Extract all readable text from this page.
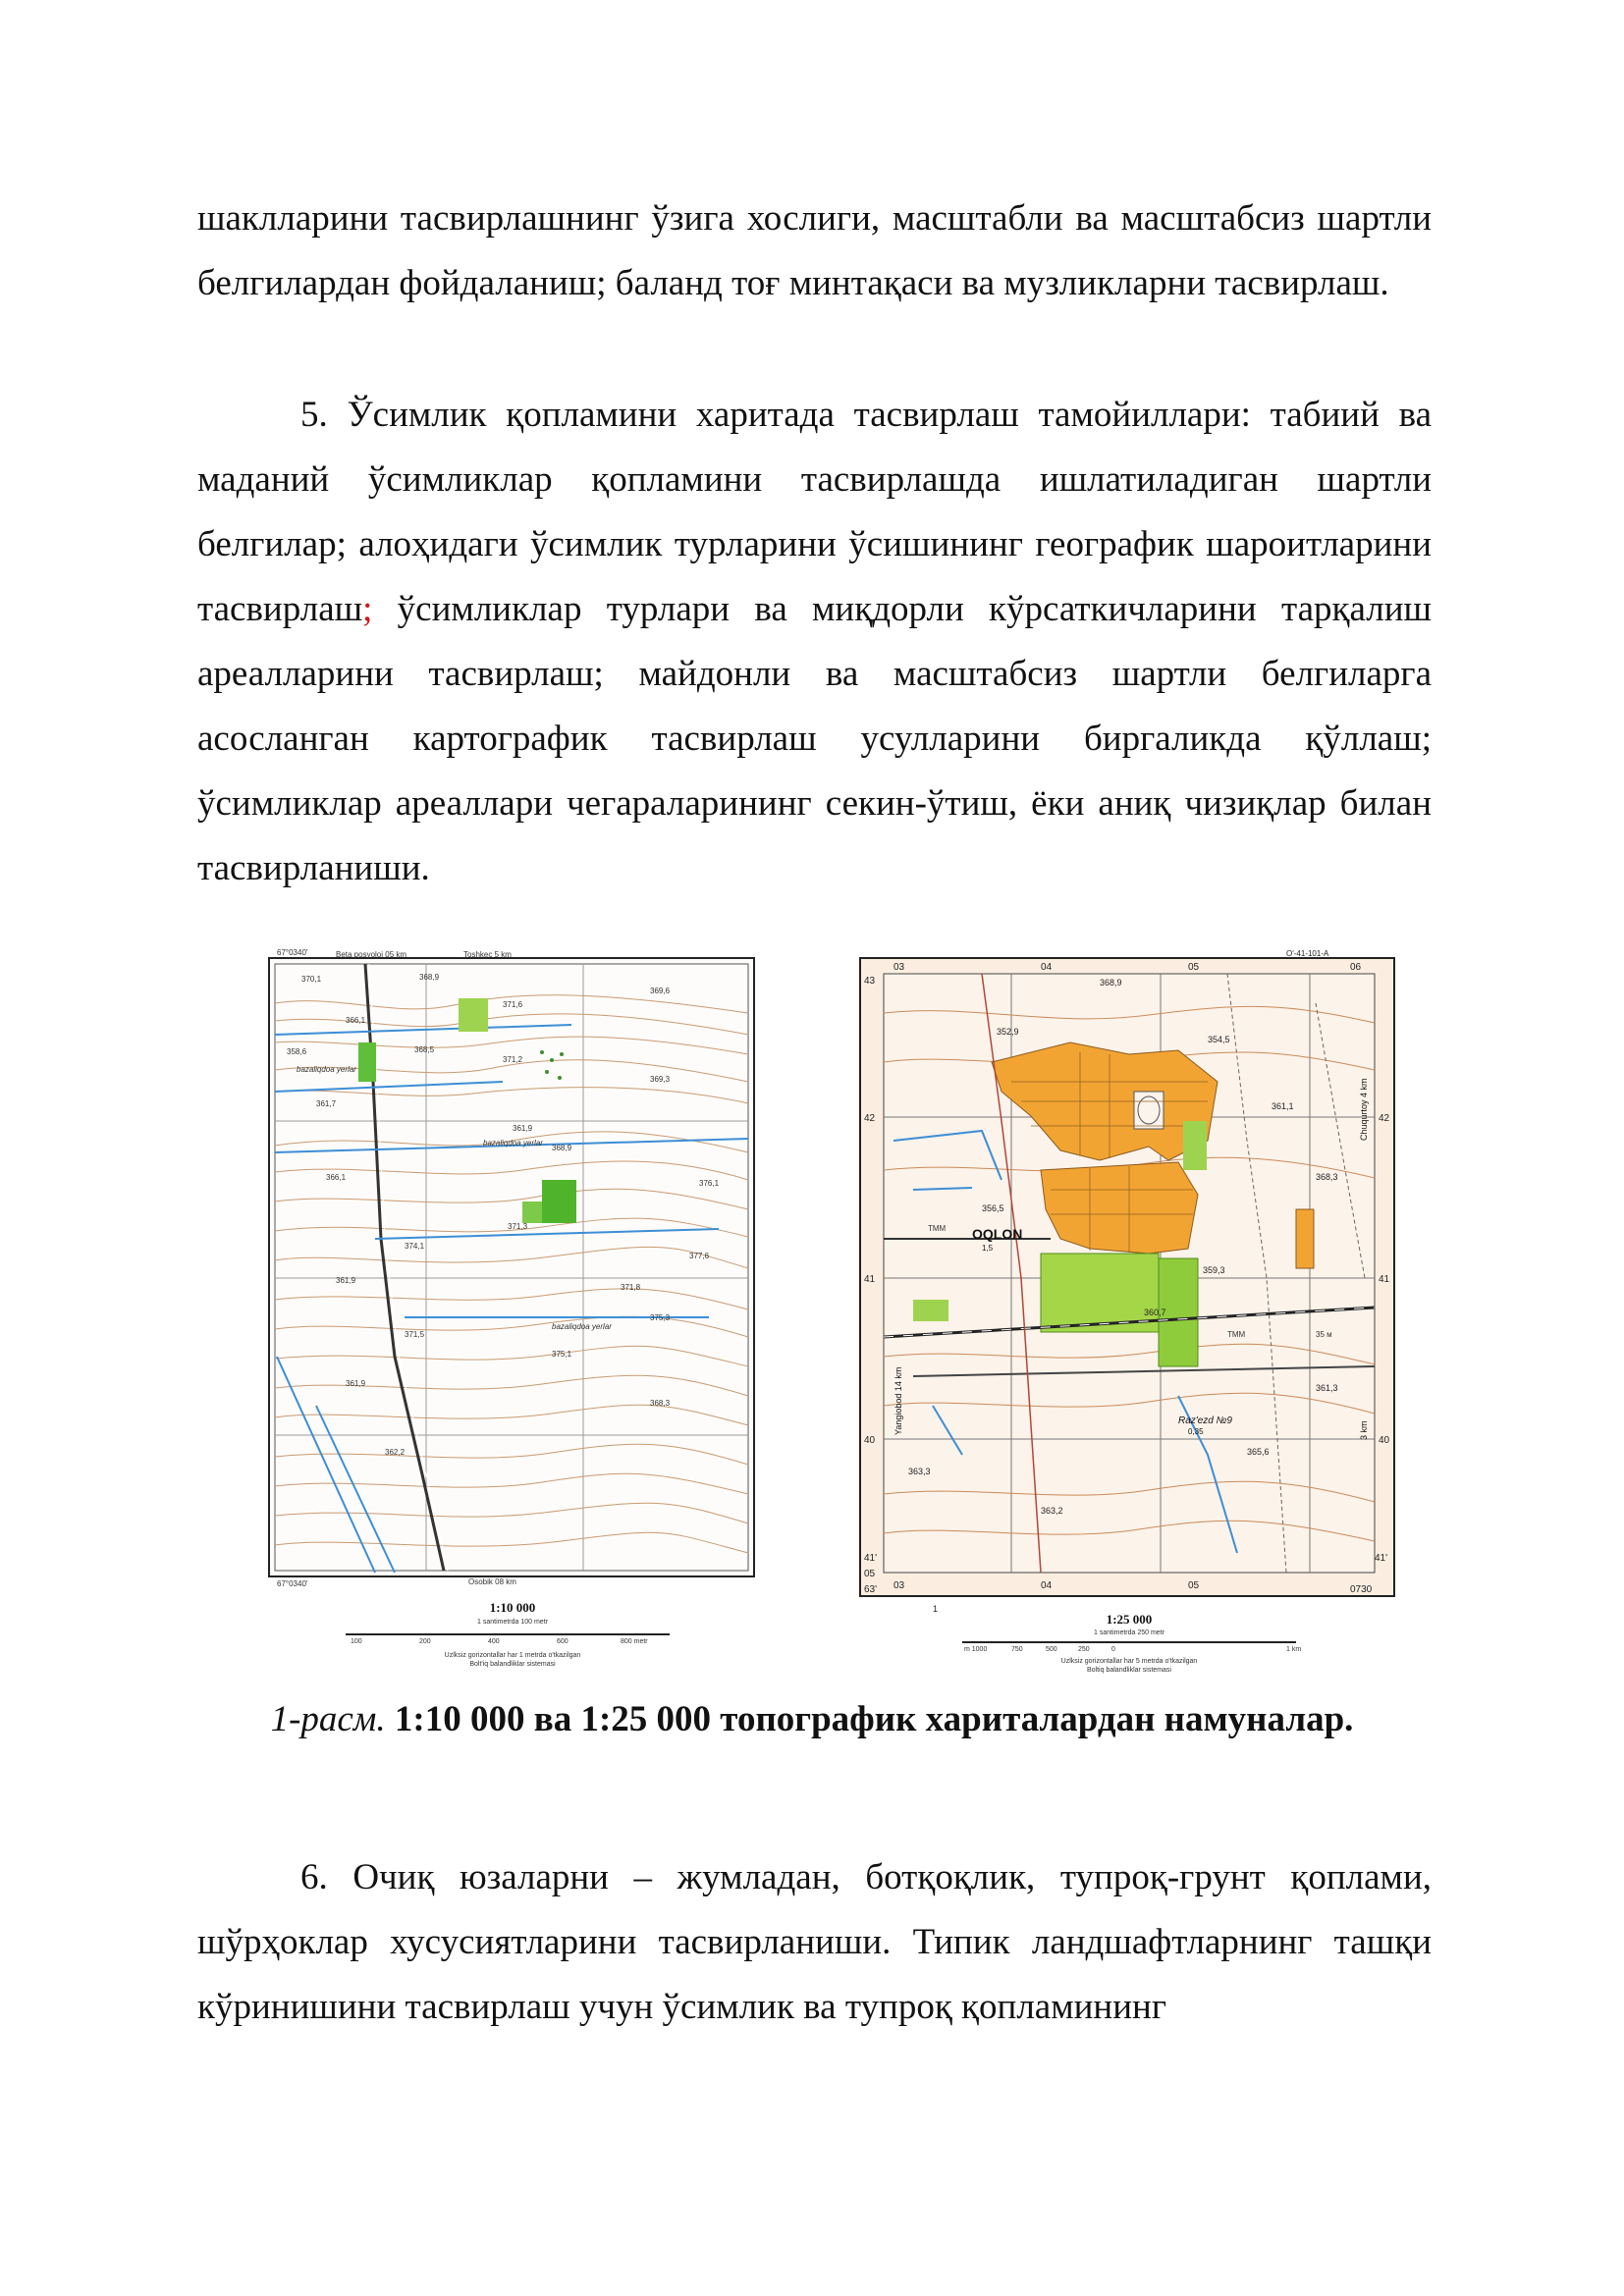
шаклларини тасвирлашнинг ўзига хослиги, масштабли ва масштабсиз шартли белгилардан фойдаланиш; баланд тоғ минтақаси ва музликларни тасвирлаш.

5. Ўсимлик қопламини харитада тасвирлаш тамойиллари: табиий ва маданий ўсимликлар қопламини тасвирлашда ишлатиладиган шартли белгилар; алоҳидаги ўсимлик турларини ўсишининг географик шароитларини тасвирлаш; ўсимликлар турлари ва миқдорли кўрсаткичларини тарқалиш ареалларини тасвирлаш; майдонли ва масштабсиз шартли белгиларга асосланган картографик тасвирлаш усулларини биргаликда қўллаш; ўсимликлар ареаллари чегараларининг секин-ўтиш, ёки аниқ чизиқлар билан тасвирланиши.

67°0340'	Beta posyoloi 05 km	Toshkec 5 km
67°0340'	Osobik 08 km
370,1	368,9
371,6
366,1
368,5
371,2
369,6
358,6
361,7
369,3
361,9
368,9
376,1
371,3
366,1
374,1
377,6
361,9
371,8
375,3
371,5
375,1
361,9
368,3
362,2
bazaliqdoa yerlar
bazaliqdoa yerlar
bazaliqdoa yerlar
1:10 000
1 santimetrda 100 metr
100	200	400	600	800 metr
Uzlksiz gorizontallar har 1 metrda o'tkazilgan
Bolt'iq balandliklar sistemasi
03	04	05	06
O'-41-101-A
03	04	05	0730
43
42
41
40
41'
05
63'
42
41
40
41'
OQLON
1,5
Raz'ezd №9
0,35
Yangiobod 14 km
Chuqurtoy 4 km
3 km
ТММ
ТММ	35 м
368,9
352,9
354,5
361,1
368,3
356,5
359,3
360,7
363,3
361,3
363,2
365,6
1
1:25 000
1 santimetrda 250 metr
m 1000	750	500	250	0	1 km
Uzlksiz gorizontallar har 5 metrda o'tkazilgan
Boltiq balandliklar sistemasi
1-расм. 1:10 000 ва 1:25 000 топографик хариталардан намуналар.

6. Очиқ юзаларни – жумладан, ботқоқлик, тупроқ-грунт қоплами, шўрҳоклар хусусиятларини тасвирланиши. Типик ландшафтларнинг ташқи кўринишини тасвирлаш учун ўсимлик ва тупроқ қопламининг
